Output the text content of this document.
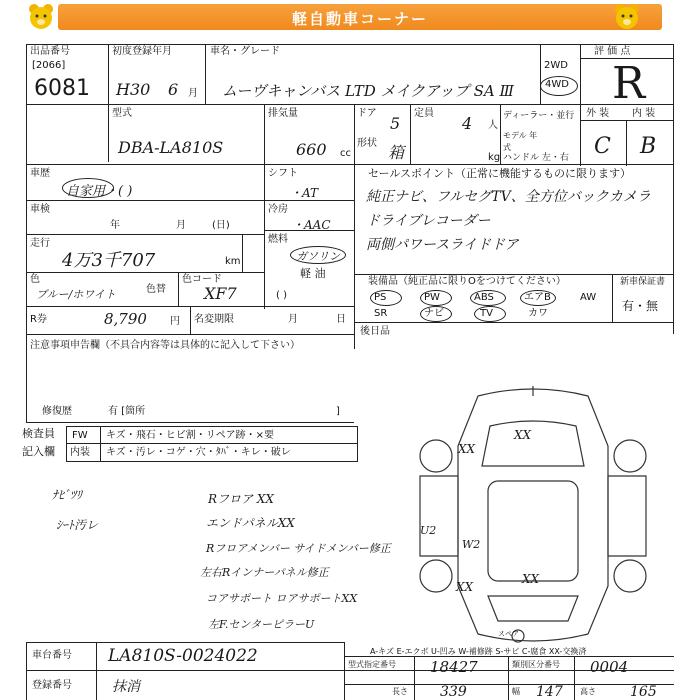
軽自動車コーナー
出品番号
[2066]
6081
初度登録年月
H30 6 月
車名・グレード
ムーヴキャンバス LTD メイクアップ SA Ⅲ
2WD
4WD
評 価 点
R
型式
DBA-LA810S
排気量
660 cc
ドア
5
形状 箱
定員
4 人
kg
ディーラー・並行
モデル 年式
ハンドル 左・右
外 装 内 装
C B
車歴
自家用・( )
シフト
・AT
冷房
・AAC
燃料
ガソリン
軽 油
( )
車検
年	月	(日)
走行
4万3千707	km
色
ブルー/ホワイト	色替
色コード
XF7
R券	8,790 円 名変期限	月	日
セールスポイント（正常に機能するものに限ります）
純正ナビ、フルセグTV、全方位バックカメラ
ドライブレコーダー
両側パワースライドドア
装備品（純正品に限りOをつけてください）	新車保証書
有・無
PS	PW	ABS	エアB	AW
SR	ナビ	TV	カワ
後日品
注意事項申告欄（不具合内容等は具体的に記入して下さい）
修復歴	有 [箇所	]
検査員
記入欄
FW キズ・飛石・ヒビ割・リペア跡・×要
内装 キズ・汚レ・コゲ・穴・ﾀﾊﾞ・キレ・破レ
ﾅﾋﾞﾂﾘ
ｼｰﾄ汚レ
Rフロア XX
エンドパネルXX
Rフロアメンバー サイドメンバー修正
左右Rインナーパネル修正
コアサポート ロアサポートXX
左F.センターピラーU
XX
XX
XX
XX
U2
W2
スペア
A-キズ E-エクボ U-凹み W-補修跡 S-サビ C-腐食 XX-交換済
車台番号 LA810S-0024022
登録番号	抹消
型式指定番号 18427	類別区分番号 0004
長さ 339	幅 147 高さ 165
